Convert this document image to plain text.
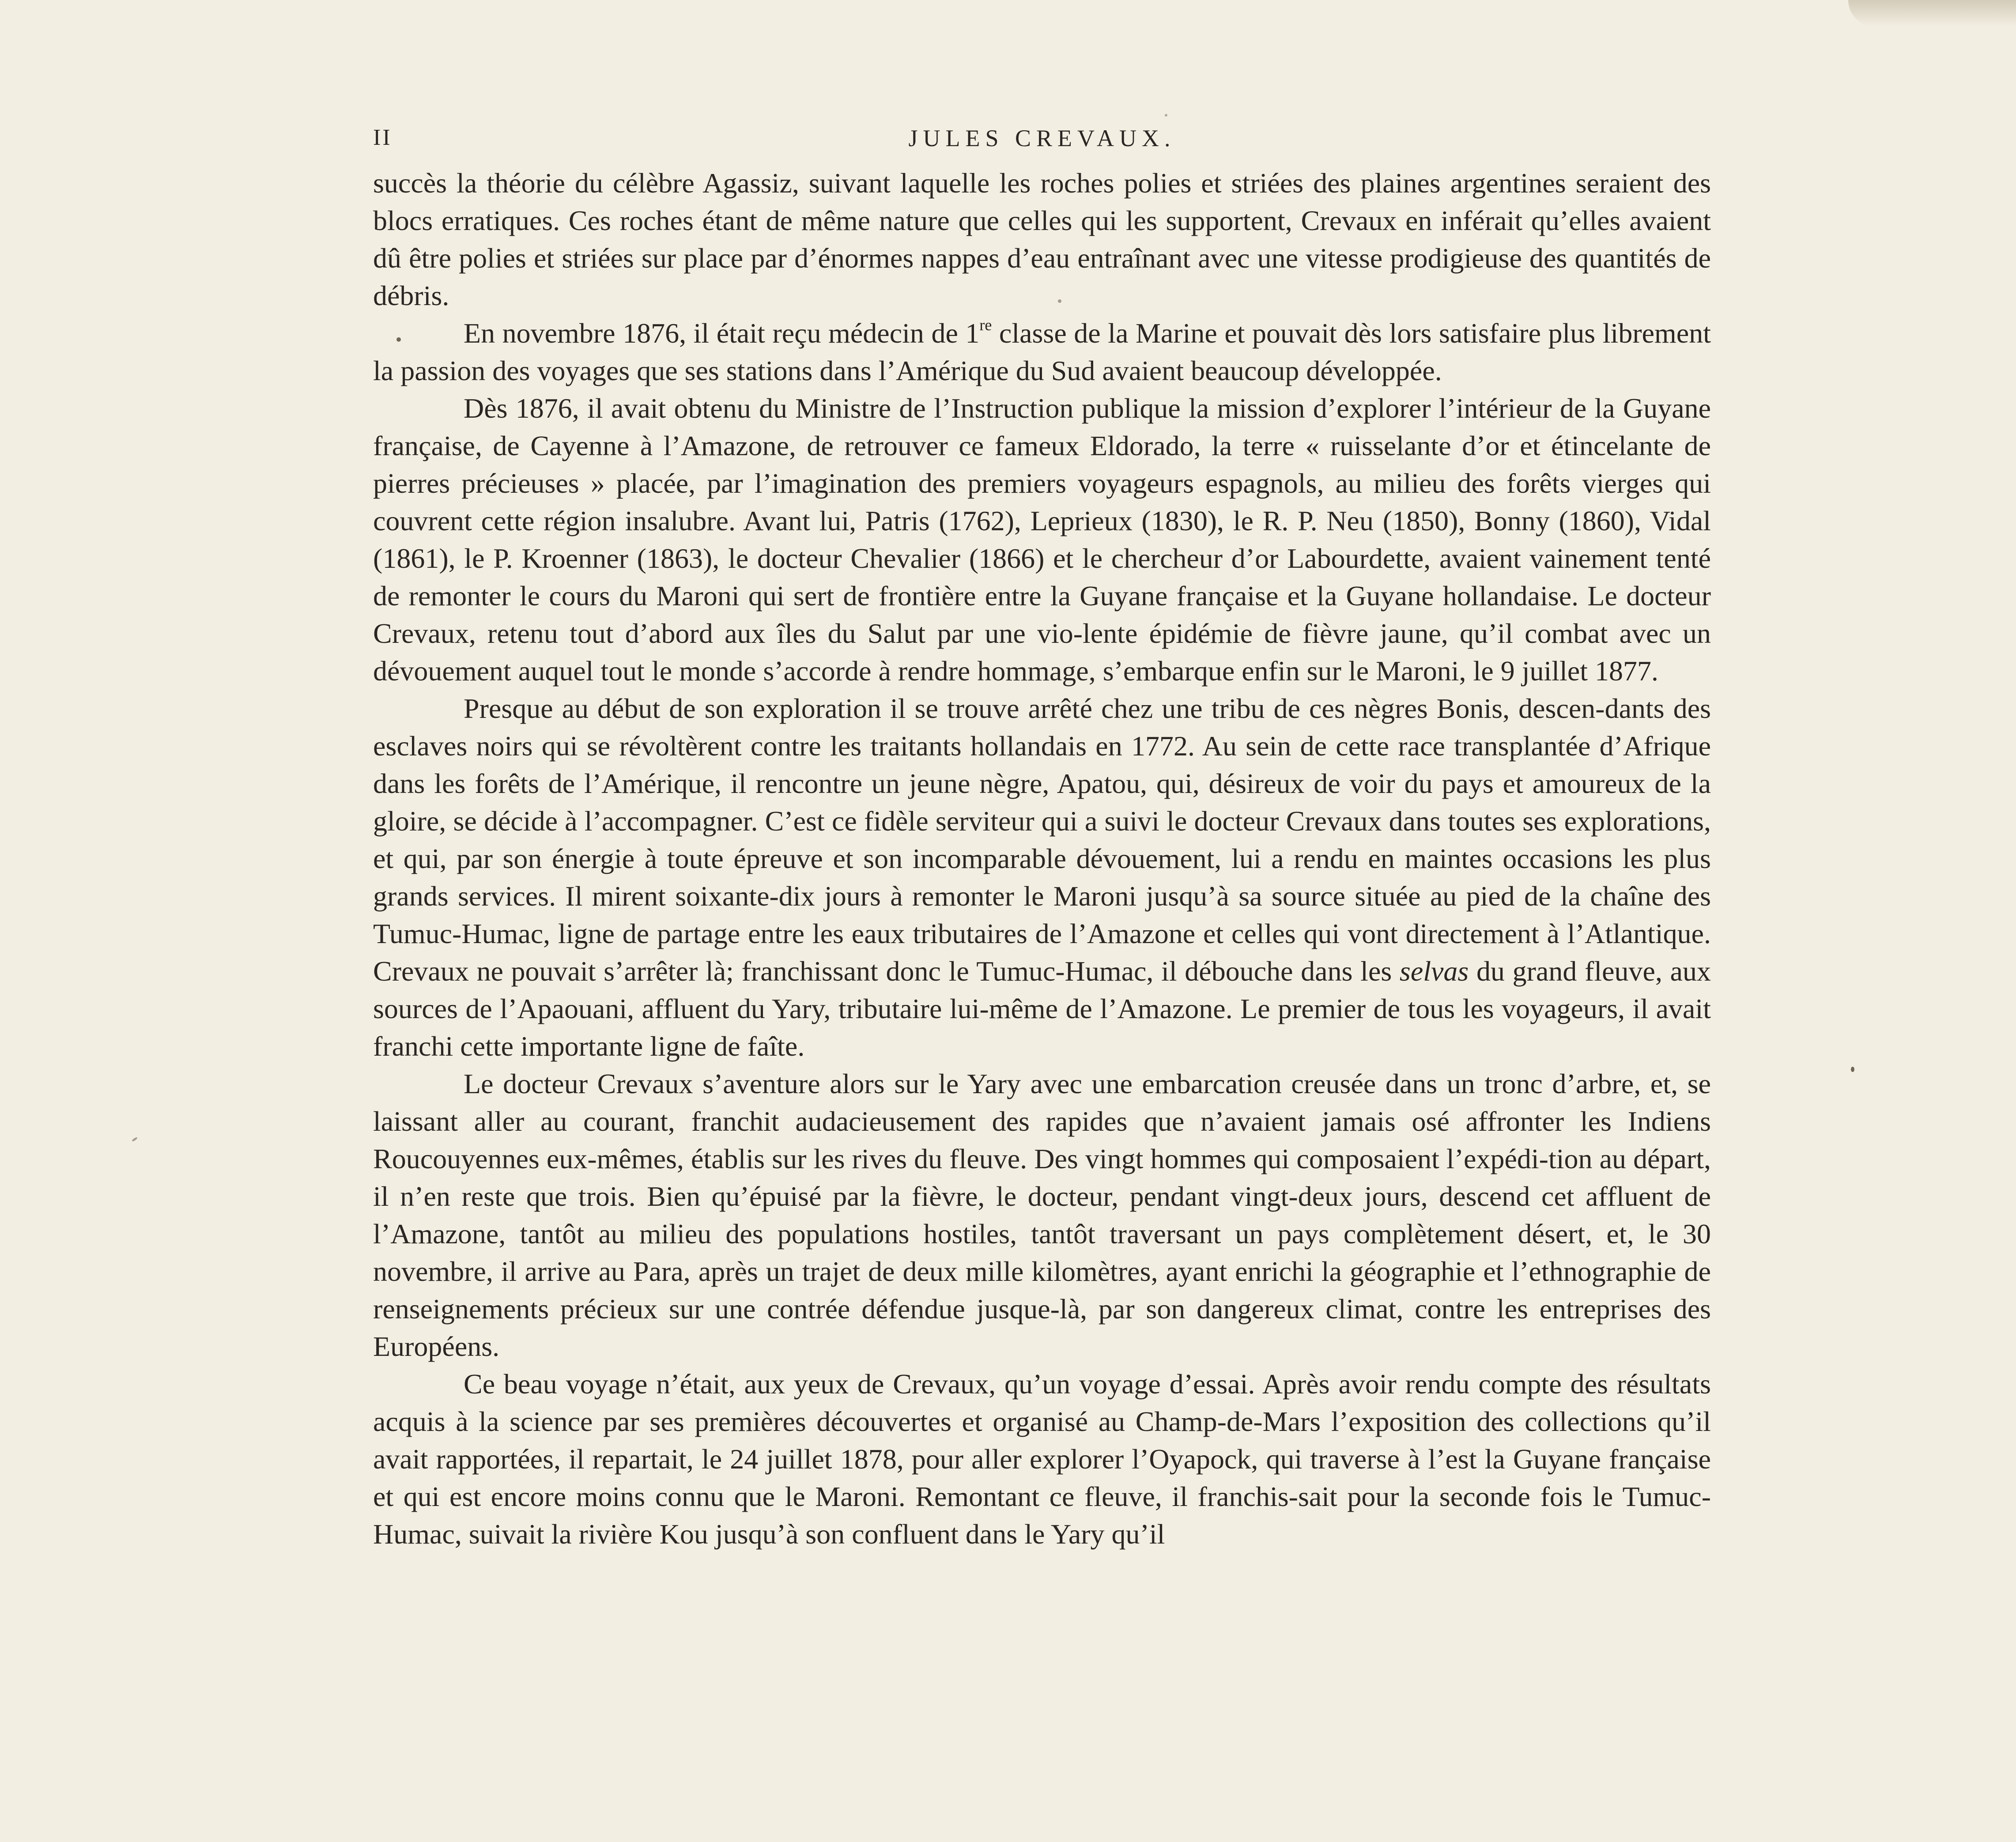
II	JULES CREVAUX.

succès la théorie du célèbre Agassiz, suivant laquelle les roches polies et striées des plaines argentines seraient des blocs erratiques. Ces roches étant de même nature que celles qui les supportent, Crevaux en inférait qu’elles avaient dû être polies et striées sur place par d’énormes nappes d’eau entraînant avec une vitesse prodigieuse des quantités de débris.

En novembre 1876, il était reçu médecin de 1re classe de la Marine et pouvait dès lors satisfaire plus librement la passion des voyages que ses stations dans l’Amérique du Sud avaient beaucoup développée.

Dès 1876, il avait obtenu du Ministre de l’Instruction publique la mission d’explorer l’intérieur de la Guyane française, de Cayenne à l’Amazone, de retrouver ce fameux Eldorado, la terre « ruisselante d’or et étincelante de pierres précieuses » placée, par l’imagination des premiers voyageurs espagnols, au milieu des forêts vierges qui couvrent cette région insalubre. Avant lui, Patris (1762), Leprieux (1830), le R. P. Neu (1850), Bonny (1860), Vidal (1861), le P. Kroenner (1863), le docteur Chevalier (1866) et le chercheur d’or Labourdette, avaient vainement tenté de remonter le cours du Maroni qui sert de frontière entre la Guyane française et la Guyane hollandaise. Le docteur Crevaux, retenu tout d’abord aux îles du Salut par une vio-lente épidémie de fièvre jaune, qu’il combat avec un dévouement auquel tout le monde s’accorde à rendre hommage, s’embarque enfin sur le Maroni, le 9 juillet 1877.

Presque au début de son exploration il se trouve arrêté chez une tribu de ces nègres Bonis, descen-dants des esclaves noirs qui se révoltèrent contre les traitants hollandais en 1772. Au sein de cette race transplantée d’Afrique dans les forêts de l’Amérique, il rencontre un jeune nègre, Apatou, qui, désireux de voir du pays et amoureux de la gloire, se décide à l’accompagner. C’est ce fidèle serviteur qui a suivi le docteur Crevaux dans toutes ses explorations, et qui, par son énergie à toute épreuve et son incomparable dévouement, lui a rendu en maintes occasions les plus grands services. Il mirent soixante-dix jours à remonter le Maroni jusqu’à sa source située au pied de la chaîne des Tumuc-Humac, ligne de partage entre les eaux tributaires de l’Amazone et celles qui vont directement à l’Atlantique. Crevaux ne pouvait s’arrêter là; franchissant donc le Tumuc-Humac, il débouche dans les selvas du grand fleuve, aux sources de l’Apaouani, affluent du Yary, tributaire lui-même de l’Amazone. Le premier de tous les voyageurs, il avait franchi cette importante ligne de faîte.

Le docteur Crevaux s’aventure alors sur le Yary avec une embarcation creusée dans un tronc d’arbre, et, se laissant aller au courant, franchit audacieusement des rapides que n’avaient jamais osé affronter les Indiens Roucouyennes eux-mêmes, établis sur les rives du fleuve. Des vingt hommes qui composaient l’expédi-tion au départ, il n’en reste que trois. Bien qu’épuisé par la fièvre, le docteur, pendant vingt-deux jours, descend cet affluent de l’Amazone, tantôt au milieu des populations hostiles, tantôt traversant un pays complètement désert, et, le 30 novembre, il arrive au Para, après un trajet de deux mille kilomètres, ayant enrichi la géographie et l’ethnographie de renseignements précieux sur une contrée défendue jusque-là, par son dangereux climat, contre les entreprises des Européens.

Ce beau voyage n’était, aux yeux de Crevaux, qu’un voyage d’essai. Après avoir rendu compte des résultats acquis à la science par ses premières découvertes et organisé au Champ-de-Mars l’exposition des collections qu’il avait rapportées, il repartait, le 24 juillet 1878, pour aller explorer l’Oyapock, qui traverse à l’est la Guyane française et qui est encore moins connu que le Maroni. Remontant ce fleuve, il franchis-sait pour la seconde fois le Tumuc-Humac, suivait la rivière Kou jusqu’à son confluent dans le Yary qu’il
